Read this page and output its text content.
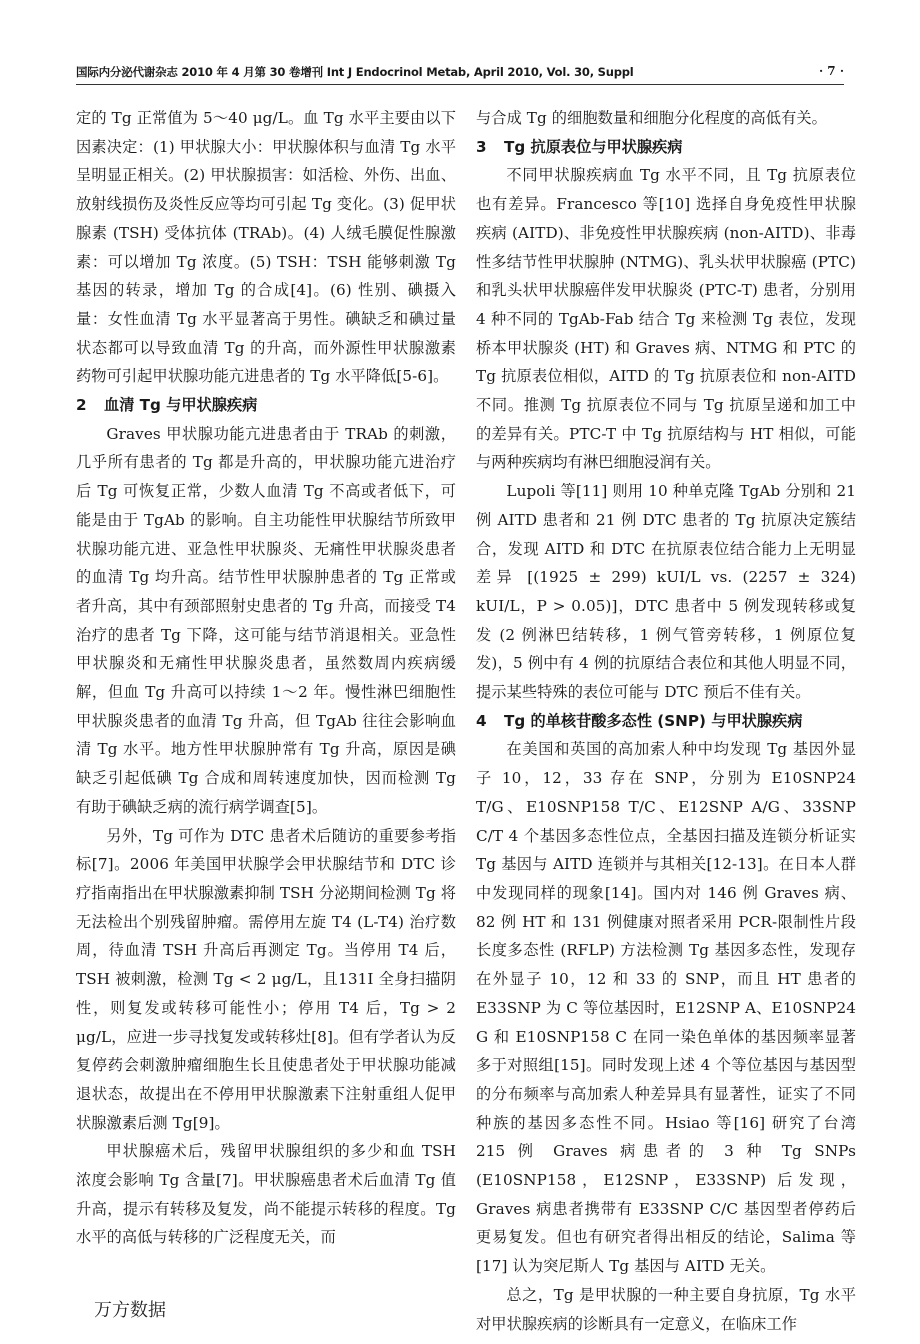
国际内分泌代谢杂志 2010 年 4 月第 30 卷增刊 Int J Endocrinol Metab, April 2010, Vol. 30, Suppl	· 7 ·

定的 Tg 正常值为 5～40 μg/L。血 Tg 水平主要由以下因素决定：(1) 甲状腺大小：甲状腺体积与血清 Tg 水平呈明显正相关。(2) 甲状腺损害：如活检、外伤、出血、放射线损伤及炎性反应等均可引起 Tg 变化。(3) 促甲状腺素 (TSH) 受体抗体 (TRAb)。(4) 人绒毛膜促性腺激素：可以增加 Tg 浓度。(5) TSH：TSH 能够刺激 Tg 基因的转录，增加 Tg 的合成[4]。(6) 性别、碘摄入量：女性血清 Tg 水平显著高于男性。碘缺乏和碘过量状态都可以导致血清 Tg 的升高，而外源性甲状腺激素药物可引起甲状腺功能亢进患者的 Tg 水平降低[5-6]。

2 血清 Tg 与甲状腺疾病

Graves 甲状腺功能亢进患者由于 TRAb 的刺激，几乎所有患者的 Tg 都是升高的，甲状腺功能亢进治疗后 Tg 可恢复正常，少数人血清 Tg 不高或者低下，可能是由于 TgAb 的影响。自主功能性甲状腺结节所致甲状腺功能亢进、亚急性甲状腺炎、无痛性甲状腺炎患者的血清 Tg 均升高。结节性甲状腺肿患者的 Tg 正常或者升高，其中有颈部照射史患者的 Tg 升高，而接受 T4 治疗的患者 Tg 下降，这可能与结节消退相关。亚急性甲状腺炎和无痛性甲状腺炎患者，虽然数周内疾病缓解，但血 Tg 升高可以持续 1～2 年。慢性淋巴细胞性甲状腺炎患者的血清 Tg 升高，但 TgAb 往往会影响血清 Tg 水平。地方性甲状腺肿常有 Tg 升高，原因是碘缺乏引起低碘 Tg 合成和周转速度加快，因而检测 Tg 有助于碘缺乏病的流行病学调查[5]。

另外，Tg 可作为 DTC 患者术后随访的重要参考指标[7]。2006 年美国甲状腺学会甲状腺结节和 DTC 诊疗指南指出在甲状腺激素抑制 TSH 分泌期间检测 Tg 将无法检出个别残留肿瘤。需停用左旋 T4 (L-T4) 治疗数周，待血清 TSH 升高后再测定 Tg。当停用 T4 后，TSH 被刺激，检测 Tg < 2 μg/L，且131I 全身扫描阴性，则复发或转移可能性小；停用 T4 后，Tg > 2 μg/L，应进一步寻找复发或转移灶[8]。但有学者认为反复停药会刺激肿瘤细胞生长且使患者处于甲状腺功能减退状态，故提出在不停用甲状腺激素下注射重组人促甲状腺激素后测 Tg[9]。

甲状腺癌术后，残留甲状腺组织的多少和血 TSH 浓度会影响 Tg 含量[7]。甲状腺癌患者术后血清 Tg 值升高，提示有转移及复发，尚不能提示转移的程度。Tg 水平的高低与转移的广泛程度无关，而

与合成 Tg 的细胞数量和细胞分化程度的高低有关。

3 Tg 抗原表位与甲状腺疾病

不同甲状腺疾病血 Tg 水平不同，且 Tg 抗原表位也有差异。Francesco 等[10] 选择自身免疫性甲状腺疾病 (AITD)、非免疫性甲状腺疾病 (non-AITD)、非毒性多结节性甲状腺肿 (NTMG)、乳头状甲状腺癌 (PTC) 和乳头状甲状腺癌伴发甲状腺炎 (PTC-T) 患者，分别用 4 种不同的 TgAb-Fab 结合 Tg 来检测 Tg 表位，发现桥本甲状腺炎 (HT) 和 Graves 病、NTMG 和 PTC 的 Tg 抗原表位相似，AITD 的 Tg 抗原表位和 non-AITD 不同。推测 Tg 抗原表位不同与 Tg 抗原呈递和加工中的差异有关。PTC-T 中 Tg 抗原结构与 HT 相似，可能与两种疾病均有淋巴细胞浸润有关。

Lupoli 等[11] 则用 10 种单克隆 TgAb 分别和 21 例 AITD 患者和 21 例 DTC 患者的 Tg 抗原决定簇结合，发现 AITD 和 DTC 在抗原表位结合能力上无明显差异 [(1925 ± 299) kUI/L vs. (2257 ± 324) kUI/L，P > 0.05)]，DTC 患者中 5 例发现转移或复发 (2 例淋巴结转移，1 例气管旁转移，1 例原位复发)，5 例中有 4 例的抗原结合表位和其他人明显不同，提示某些特殊的表位可能与 DTC 预后不佳有关。

4 Tg 的单核苷酸多态性 (SNP) 与甲状腺疾病

在美国和英国的高加索人种中均发现 Tg 基因外显子 10，12，33 存在 SNP，分别为 E10SNP24 T/G、E10SNP158 T/C、E12SNP A/G、33SNP C/T 4 个基因多态性位点，全基因扫描及连锁分析证实 Tg 基因与 AITD 连锁并与其相关[12-13]。在日本人群中发现同样的现象[14]。国内对 146 例 Graves 病、82 例 HT 和 131 例健康对照者采用 PCR-限制性片段长度多态性 (RFLP) 方法检测 Tg 基因多态性，发现存在外显子 10，12 和 33 的 SNP，而且 HT 患者的 E33SNP 为 C 等位基因时，E12SNP A、E10SNP24 G 和 E10SNP158 C 在同一染色单体的基因频率显著多于对照组[15]。同时发现上述 4 个等位基因与基因型的分布频率与高加索人种差异具有显著性，证实了不同种族的基因多态性不同。Hsiao 等[16] 研究了台湾 215 例 Graves 病患者的 3 种 Tg SNPs (E10SNP158，E12SNP，E33SNP) 后发现，Graves 病患者携带有 E33SNP C/C 基因型者停药后更易复发。但也有研究者得出相反的结论，Salima 等[17] 认为突尼斯人 Tg 基因与 AITD 无关。

总之，Tg 是甲状腺的一种主要自身抗原，Tg 水平对甲状腺疾病的诊断具有一定意义，在临床工作

万方数据
